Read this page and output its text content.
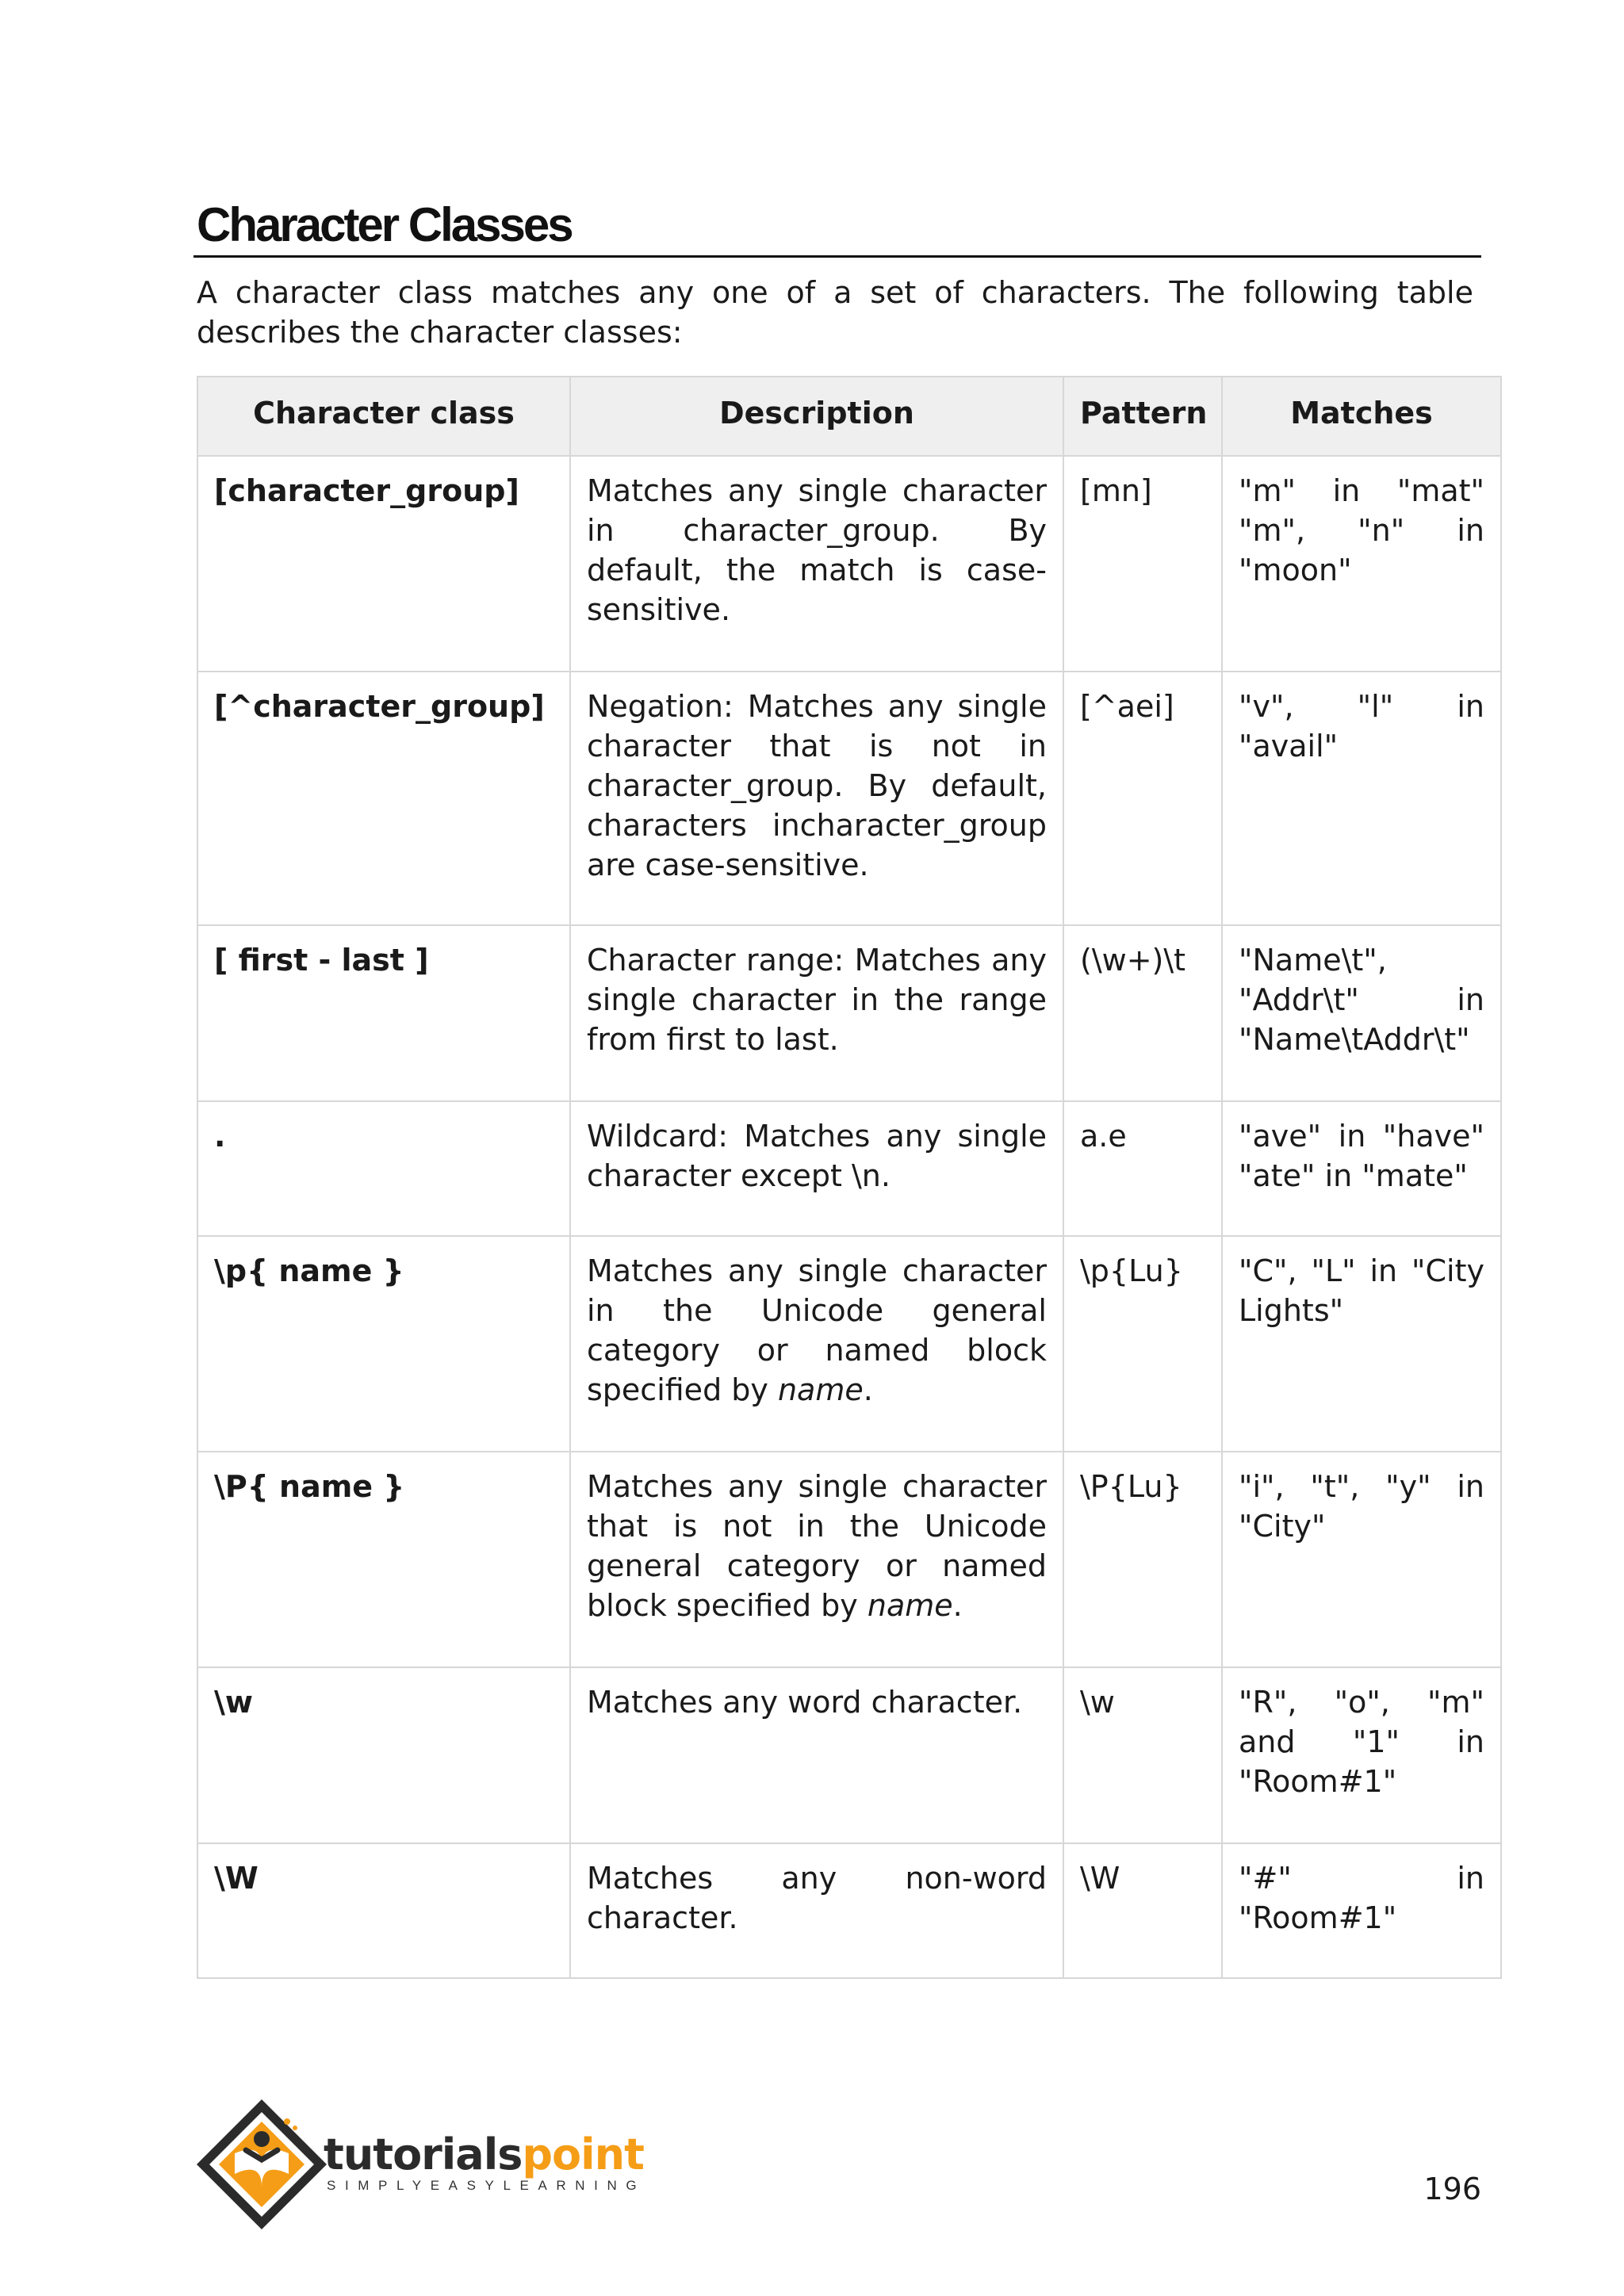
Character Classes

A character class matches any one of a set of characters. The following table describes the character classes:

Character class	Description	Pattern	Matches
[character_group]	Matches any single character in character_group. By default, the match is case-sensitive.	[mn]	"m" in "mat" "m", "n" in "moon"
[^character_group]	Negation: Matches any single character that is not in character_group. By default, characters incharacter_group are case-sensitive.	[^aei]	"v", "l" in "avail"
[ first - last ]	Character range: Matches any single character in the range from first to last.	(\w+)\t	"Name\t", "Addr\t" in "Name\tAddr\t"
.	Wildcard: Matches any single character except \n.	a.e	"ave" in "have" "ate" in "mate"
\p{ name }	Matches any single character in the Unicode general category or named block specified by name.	\p{Lu}	"C", "L" in "City Lights"
\P{ name }	Matches any single character that is not in the Unicode general category or named block specified by name.	\P{Lu}	"i", "t", "y" in "City"
\w	Matches any word character.	\w	"R", "o", "m" and "1" in "Room#1"
\W	Matches any non-word character.	\W	"#" in "Room#1"
tutorialspoint
SIMPLYEASYLEARNING	196
